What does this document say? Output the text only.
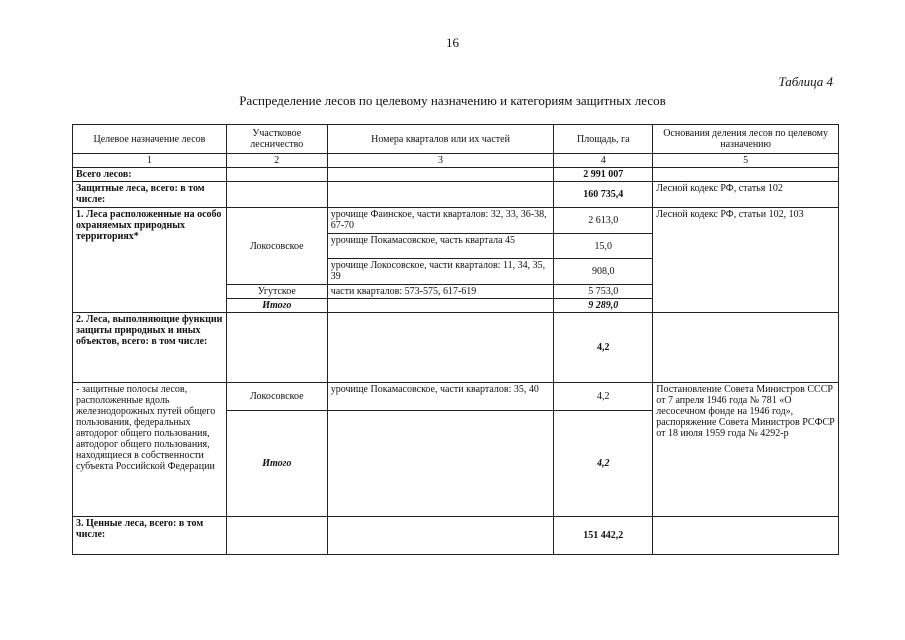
16
Таблица 4
Распределение лесов по целевому назначению и категориям защитных лесов
Целевое назначение лесов	Участковое лесничество	Номера кварталов или их частей	Площадь, га	Основания деления лесов по целевому назначению
1	2	3	4	5
Всего лесов:			2 991 007	
Защитные леса, всего: в том числе:			160 735,4	Лесной кодекс РФ, статья 102
1. Леса расположенные на особо охраняемых природных территориях*	Локосовское	урочище Фаинское, части кварталов: 32, 33, 36-38, 67-70	2 613,0	Лесной кодекс РФ, статьи 102, 103
		урочище Покамасовское, часть квартала 45	15,0	
		урочище Локосовское, части кварталов: 11, 34, 35, 39	908,0	
	Угутское	части кварталов: 573-575, 617-619	5 753,0	
	Итого		9 289,0	
2. Леса, выполняющие функции защиты природных и иных объектов, всего: в том числе:			4,2	
- защитные полосы лесов, расположенные вдоль железнодорожных путей общего пользования, федеральных автодорог общего пользования, автодорог общего пользования, находящиеся в собственности субъекта Российской Федерации	Локосовское	урочище Покамасовское, части кварталов: 35, 40	4,2	Постановление Совета Министров СССР от 7 апреля 1946 года № 781 «О лесосечном фонде на 1946 год», распоряжение Совета Министров РСФСР от 18 июля 1959 года № 4292-р
	Итого		4,2	
3. Ценные леса, всего: в том числе:			151 442,2	
